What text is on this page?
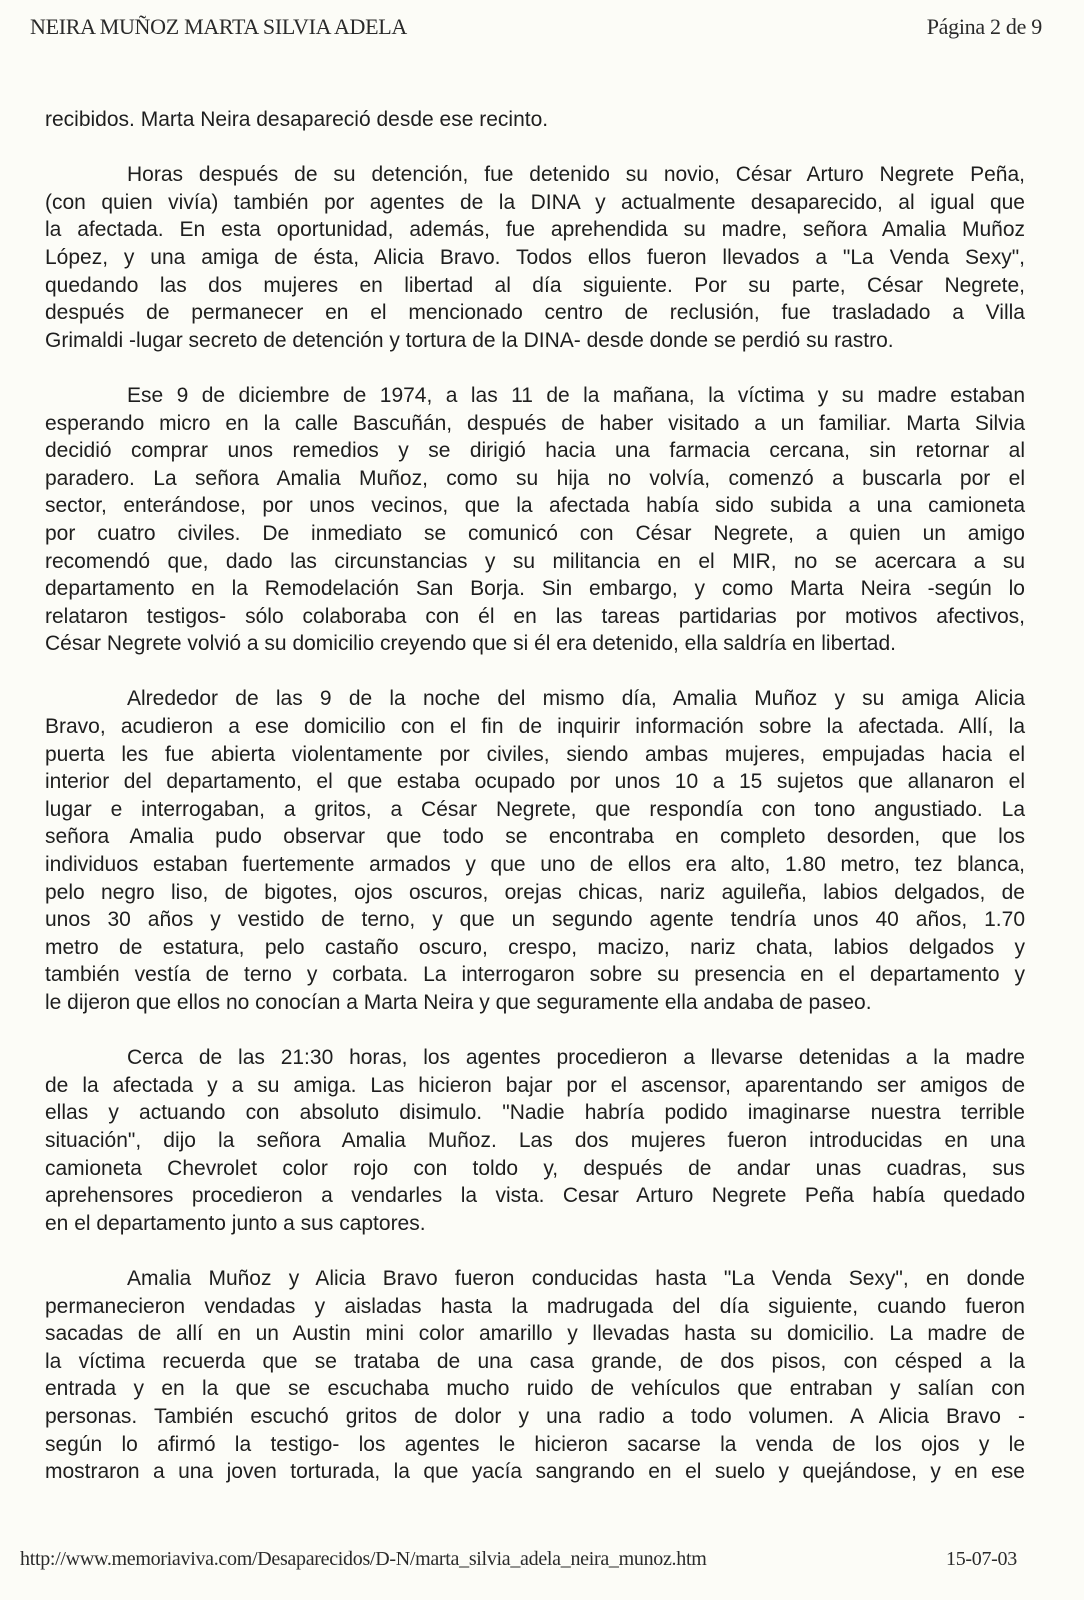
NEIRA MUÑOZ MARTA SILVIA ADELA	Página 2 de 9
recibidos. Marta Neira desapareció desde ese recinto.
Horas después de su detención, fue detenido su novio, César Arturo Negrete Peña,
(con quien vivía) también por agentes de la DINA y actualmente desaparecido, al igual que
la afectada. En esta oportunidad, además, fue aprehendida su madre, señora Amalia Muñoz
López, y una amiga de ésta, Alicia Bravo. Todos ellos fueron llevados a "La Venda Sexy",
quedando las dos mujeres en libertad al día siguiente. Por su parte, César Negrete,
después de permanecer en el mencionado centro de reclusión, fue trasladado a Villa
Grimaldi -lugar secreto de detención y tortura de la DINA- desde donde se perdió su rastro.
Ese 9 de diciembre de 1974, a las 11 de la mañana, la víctima y su madre estaban
esperando micro en la calle Bascuñán, después de haber visitado a un familiar. Marta Silvia
decidió comprar unos remedios y se dirigió hacia una farmacia cercana, sin retornar al
paradero. La señora Amalia Muñoz, como su hija no volvía, comenzó a buscarla por el
sector, enterándose, por unos vecinos, que la afectada había sido subida a una camioneta
por cuatro civiles. De inmediato se comunicó con César Negrete, a quien un amigo
recomendó que, dado las circunstancias y su militancia en el MIR, no se acercara a su
departamento en la Remodelación San Borja. Sin embargo, y como Marta Neira -según lo
relataron testigos- sólo colaboraba con él en las tareas partidarias por motivos afectivos,
César Negrete volvió a su domicilio creyendo que si él era detenido, ella saldría en libertad.
Alrededor de las 9 de la noche del mismo día, Amalia Muñoz y su amiga Alicia
Bravo, acudieron a ese domicilio con el fin de inquirir información sobre la afectada. Allí, la
puerta les fue abierta violentamente por civiles, siendo ambas mujeres, empujadas hacia el
interior del departamento, el que estaba ocupado por unos 10 a 15 sujetos que allanaron el
lugar e interrogaban, a gritos, a César Negrete, que respondía con tono angustiado. La
señora Amalia pudo observar que todo se encontraba en completo desorden, que los
individuos estaban fuertemente armados y que uno de ellos era alto, 1.80 metro, tez blanca,
pelo negro liso, de bigotes, ojos oscuros, orejas chicas, nariz aguileña, labios delgados, de
unos 30 años y vestido de terno, y que un segundo agente tendría unos 40 años, 1.70
metro de estatura, pelo castaño oscuro, crespo, macizo, nariz chata, labios delgados y
también vestía de terno y corbata. La interrogaron sobre su presencia en el departamento y
le dijeron que ellos no conocían a Marta Neira y que seguramente ella andaba de paseo.
Cerca de las 21:30 horas, los agentes procedieron a llevarse detenidas a la madre
de la afectada y a su amiga. Las hicieron bajar por el ascensor, aparentando ser amigos de
ellas y actuando con absoluto disimulo. "Nadie habría podido imaginarse nuestra terrible
situación", dijo la señora Amalia Muñoz. Las dos mujeres fueron introducidas en una
camioneta Chevrolet color rojo con toldo y, después de andar unas cuadras, sus
aprehensores procedieron a vendarles la vista. Cesar Arturo Negrete Peña había quedado
en el departamento junto a sus captores.
Amalia Muñoz y Alicia Bravo fueron conducidas hasta "La Venda Sexy", en donde
permanecieron vendadas y aisladas hasta la madrugada del día siguiente, cuando fueron
sacadas de allí en un Austin mini color amarillo y llevadas hasta su domicilio. La madre de
la víctima recuerda que se trataba de una casa grande, de dos pisos, con césped a la
entrada y en la que se escuchaba mucho ruido de vehículos que entraban y salían con
personas. También escuchó gritos de dolor y una radio a todo volumen. A Alicia Bravo -
según lo afirmó la testigo- los agentes le hicieron sacarse la venda de los ojos y le
mostraron a una joven torturada, la que yacía sangrando en el suelo y quejándose, y en ese
http://www.memoriaviva.com/Desaparecidos/D-N/marta_silvia_adela_neira_munoz.htm	15-07-03
